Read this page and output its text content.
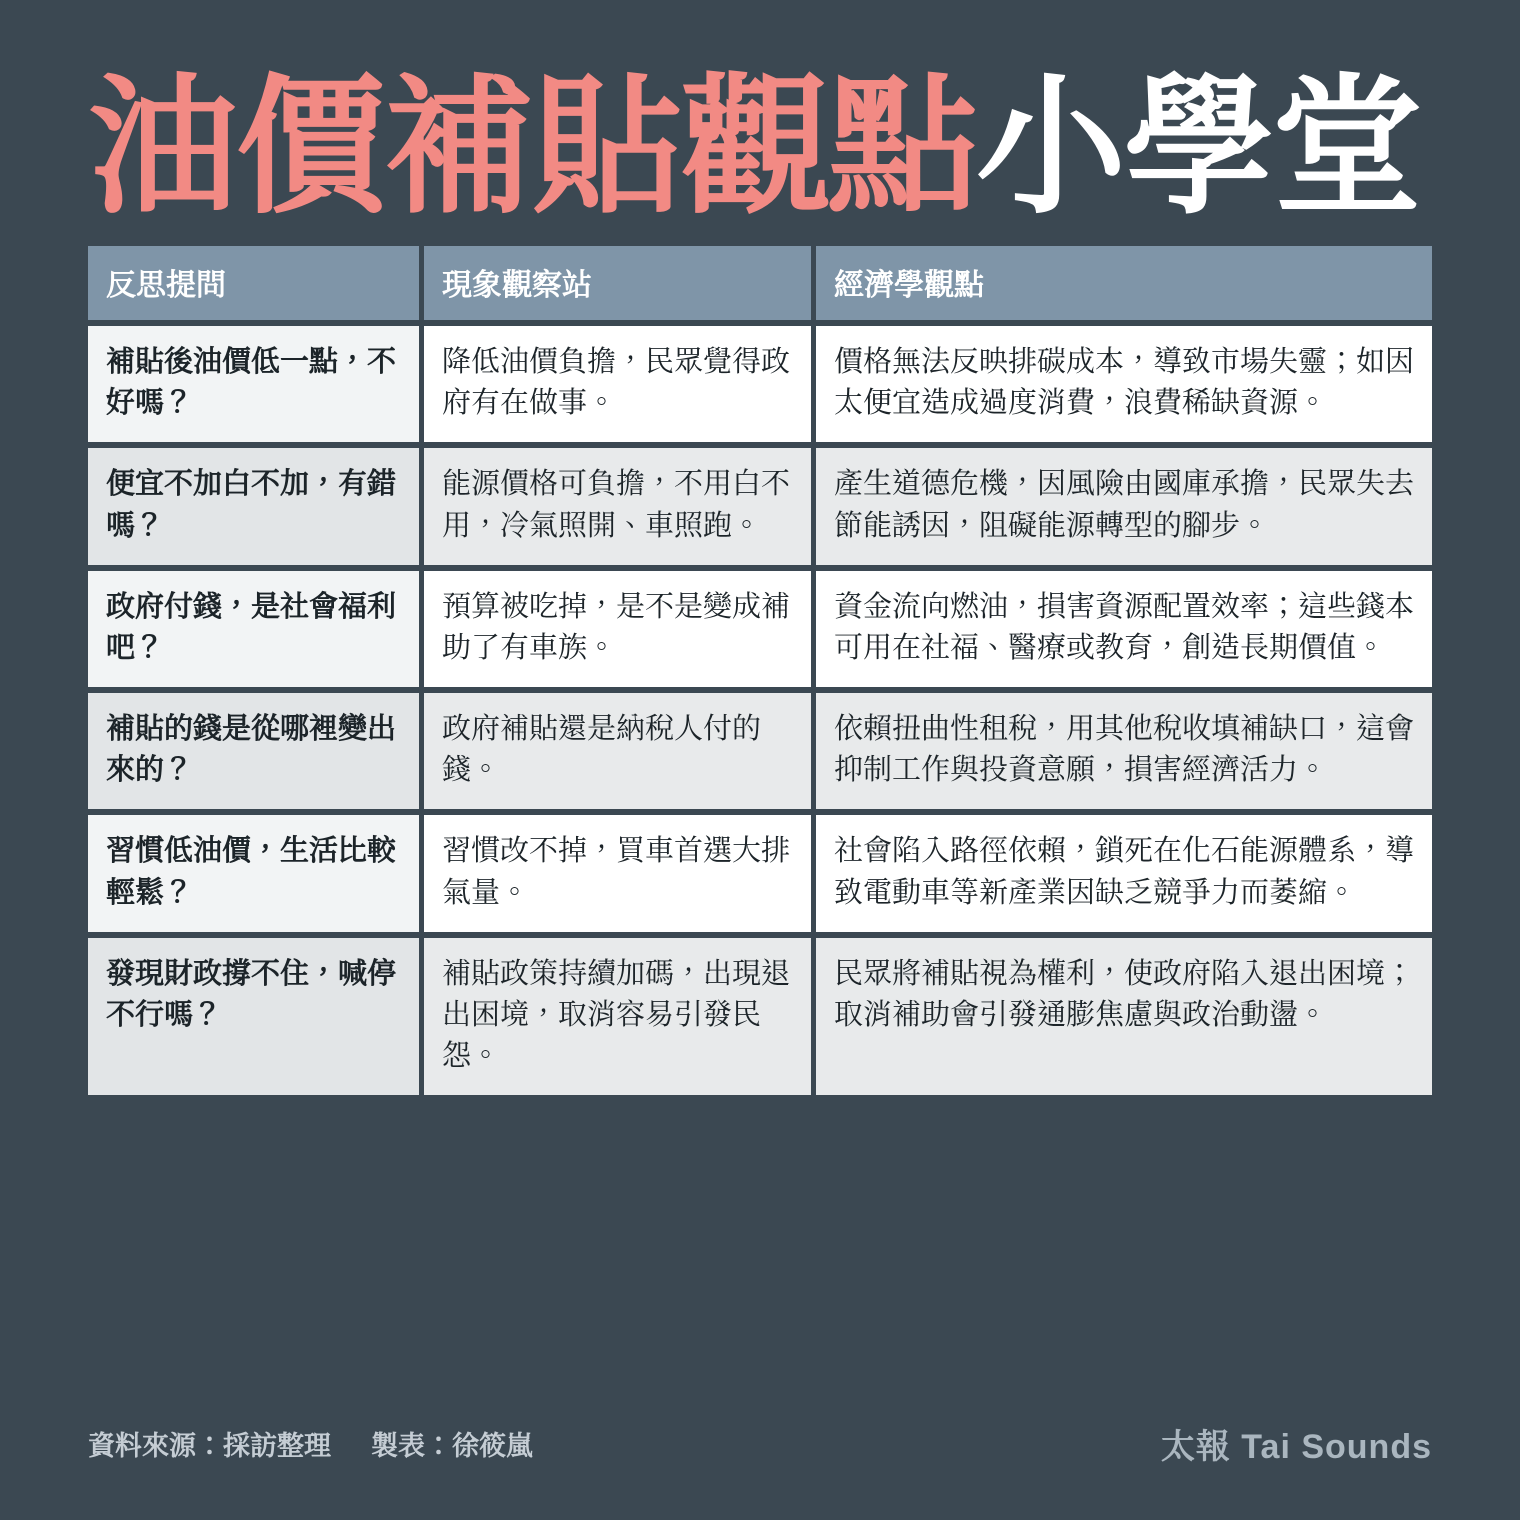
油價補貼觀點 小學堂
反思提問	現象觀察站	經濟學觀點
補貼後油價低一點，不好嗎？	降低油價負擔，民眾覺得政府有在做事。	價格無法反映排碳成本，導致市場失靈；如因太便宜造成過度消費，浪費稀缺資源。
便宜不加白不加，有錯嗎？	能源價格可負擔，不用白不用，冷氣照開、車照跑。	產生道德危機，因風險由國庫承擔，民眾失去節能誘因，阻礙能源轉型的腳步。
政府付錢，是社會福利吧？	預算被吃掉，是不是變成補助了有車族。	資金流向燃油，損害資源配置效率；這些錢本可用在社福、醫療或教育，創造長期價值。
補貼的錢是從哪裡變出來的？	政府補貼還是納稅人付的錢。	依賴扭曲性租稅，用其他稅收填補缺口，這會抑制工作與投資意願，損害經濟活力。
習慣低油價，生活比較輕鬆？	習慣改不掉，買車首選大排氣量。	社會陷入路徑依賴，鎖死在化石能源體系，導致電動車等新產業因缺乏競爭力而萎縮。
發現財政撐不住，喊停不行嗎？	補貼政策持續加碼，出現退出困境，取消容易引發民怨。	民眾將補貼視為權利，使政府陷入退出困境；取消補助會引發通膨焦慮與政治動盪。
資料來源：採訪整理 製表：徐筱嵐	太報 Tai Sounds
